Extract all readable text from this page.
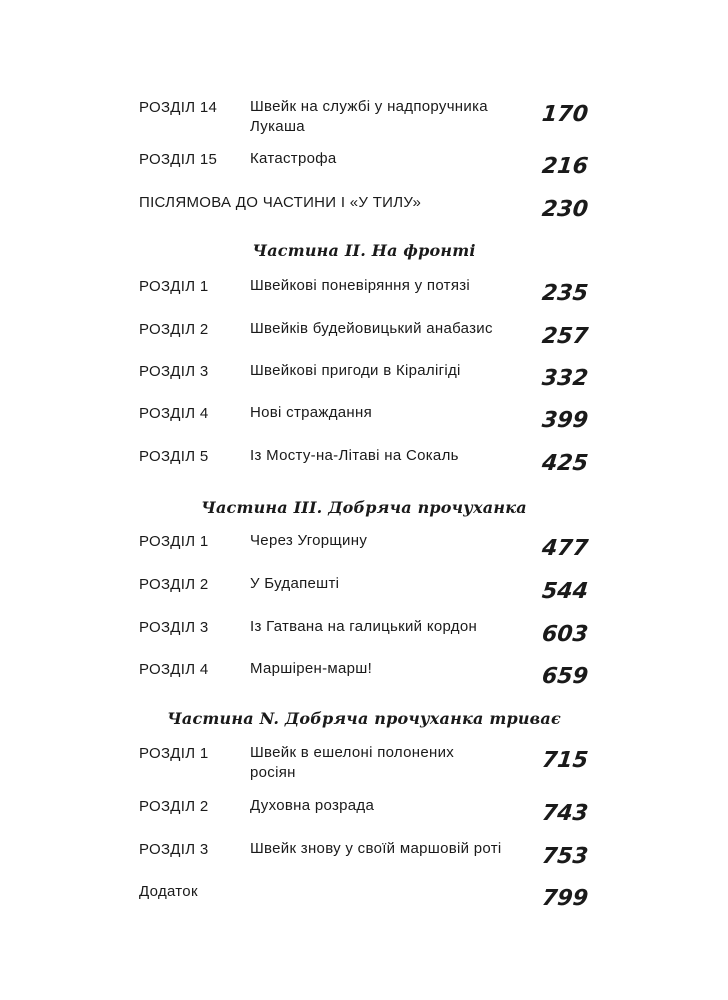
РОЗДІЛ 14 Швейк на службі у надпоручника Лукаша	170
РОЗДІЛ 15 Катастрофа	216
ПІСЛЯМОВА ДО ЧАСТИНИ І «У ТИЛУ»	230
Частина ІІ. На фронті
РОЗДІЛ 1	Швейкові поневіряння у потязі	235
РОЗДІЛ 2	Швейків будейовицький анабазис	257
РОЗДІЛ 3	Швейкові пригоди в Кіралігіді	332
РОЗДІЛ 4	Нові страждання	399
РОЗДІЛ 5	Із Мосту-на-Літаві на Сокаль	425
Частина ІІІ. Добряча прочуханка
РОЗДІЛ 1	Через Угорщину	477
РОЗДІЛ 2	У Будапешті	544
РОЗДІЛ 3	Із Гатвана на галицький кордон	603
РОЗДІЛ 4	Маршірен-марш!	659
Частина N. Добряча прочуханка триває
РОЗДІЛ 1	Швейк в ешелоні полонених росіян	715
РОЗДІЛ 2	Духовна розрада	743
РОЗДІЛ 3	Швейк знову у своїй маршовій роті	753
Додаток	799
